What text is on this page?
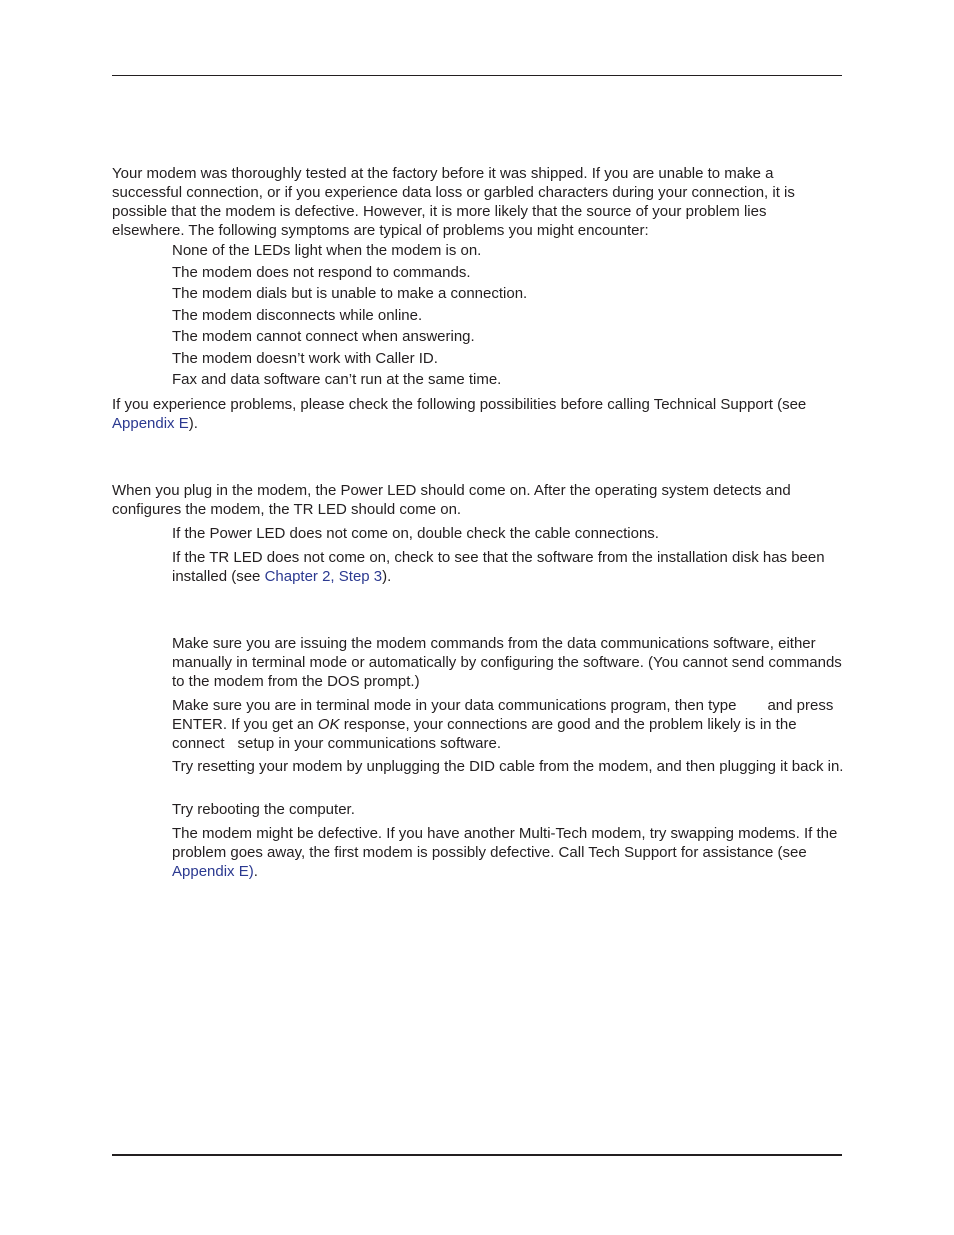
Your modem was thoroughly tested at the factory before it was shipped. If you are unable to make a successful connection, or if you experience data loss or garbled characters during your connection, it is possible that the modem is defective. However, it is more likely that the source of your problem lies elsewhere. The following symptoms are typical of problems you might encounter:

None of the LEDs light when the modem is on.

The modem does not respond to commands.

The modem dials but is unable to make a connection.

The modem disconnects while online.

The modem cannot connect when answering.

The modem doesn’t work with Caller ID.

Fax and data software can’t run at the same time.

If you experience problems, please check the following possibilities before calling Technical Support (see Appendix E).

When you plug in the modem, the Power LED should come on. After the operating system detects and configures the modem, the TR LED should come on.

If the Power LED does not come on, double check the cable connections.

If the TR LED does not come on, check to see that the software from the installation disk has been installed (see Chapter 2, Step 3).

Make sure you are issuing the modem commands from the data communications software, either manually in terminal mode or automatically by configuring the software. (You cannot send commands to the modem from the DOS prompt.)

Make sure you are in terminal mode in your data communications program, then type and press ENTER. If you get an OK response, your connections are good and the problem likely is in the connect setup in your communications software.

Try resetting your modem by unplugging the DID cable from the modem, and then plugging it back in.

Try rebooting the computer.

The modem might be defective. If you have another Multi-Tech modem, try swapping modems. If the problem goes away, the first modem is possibly defective. Call Tech Support for assistance (see Appendix E).
